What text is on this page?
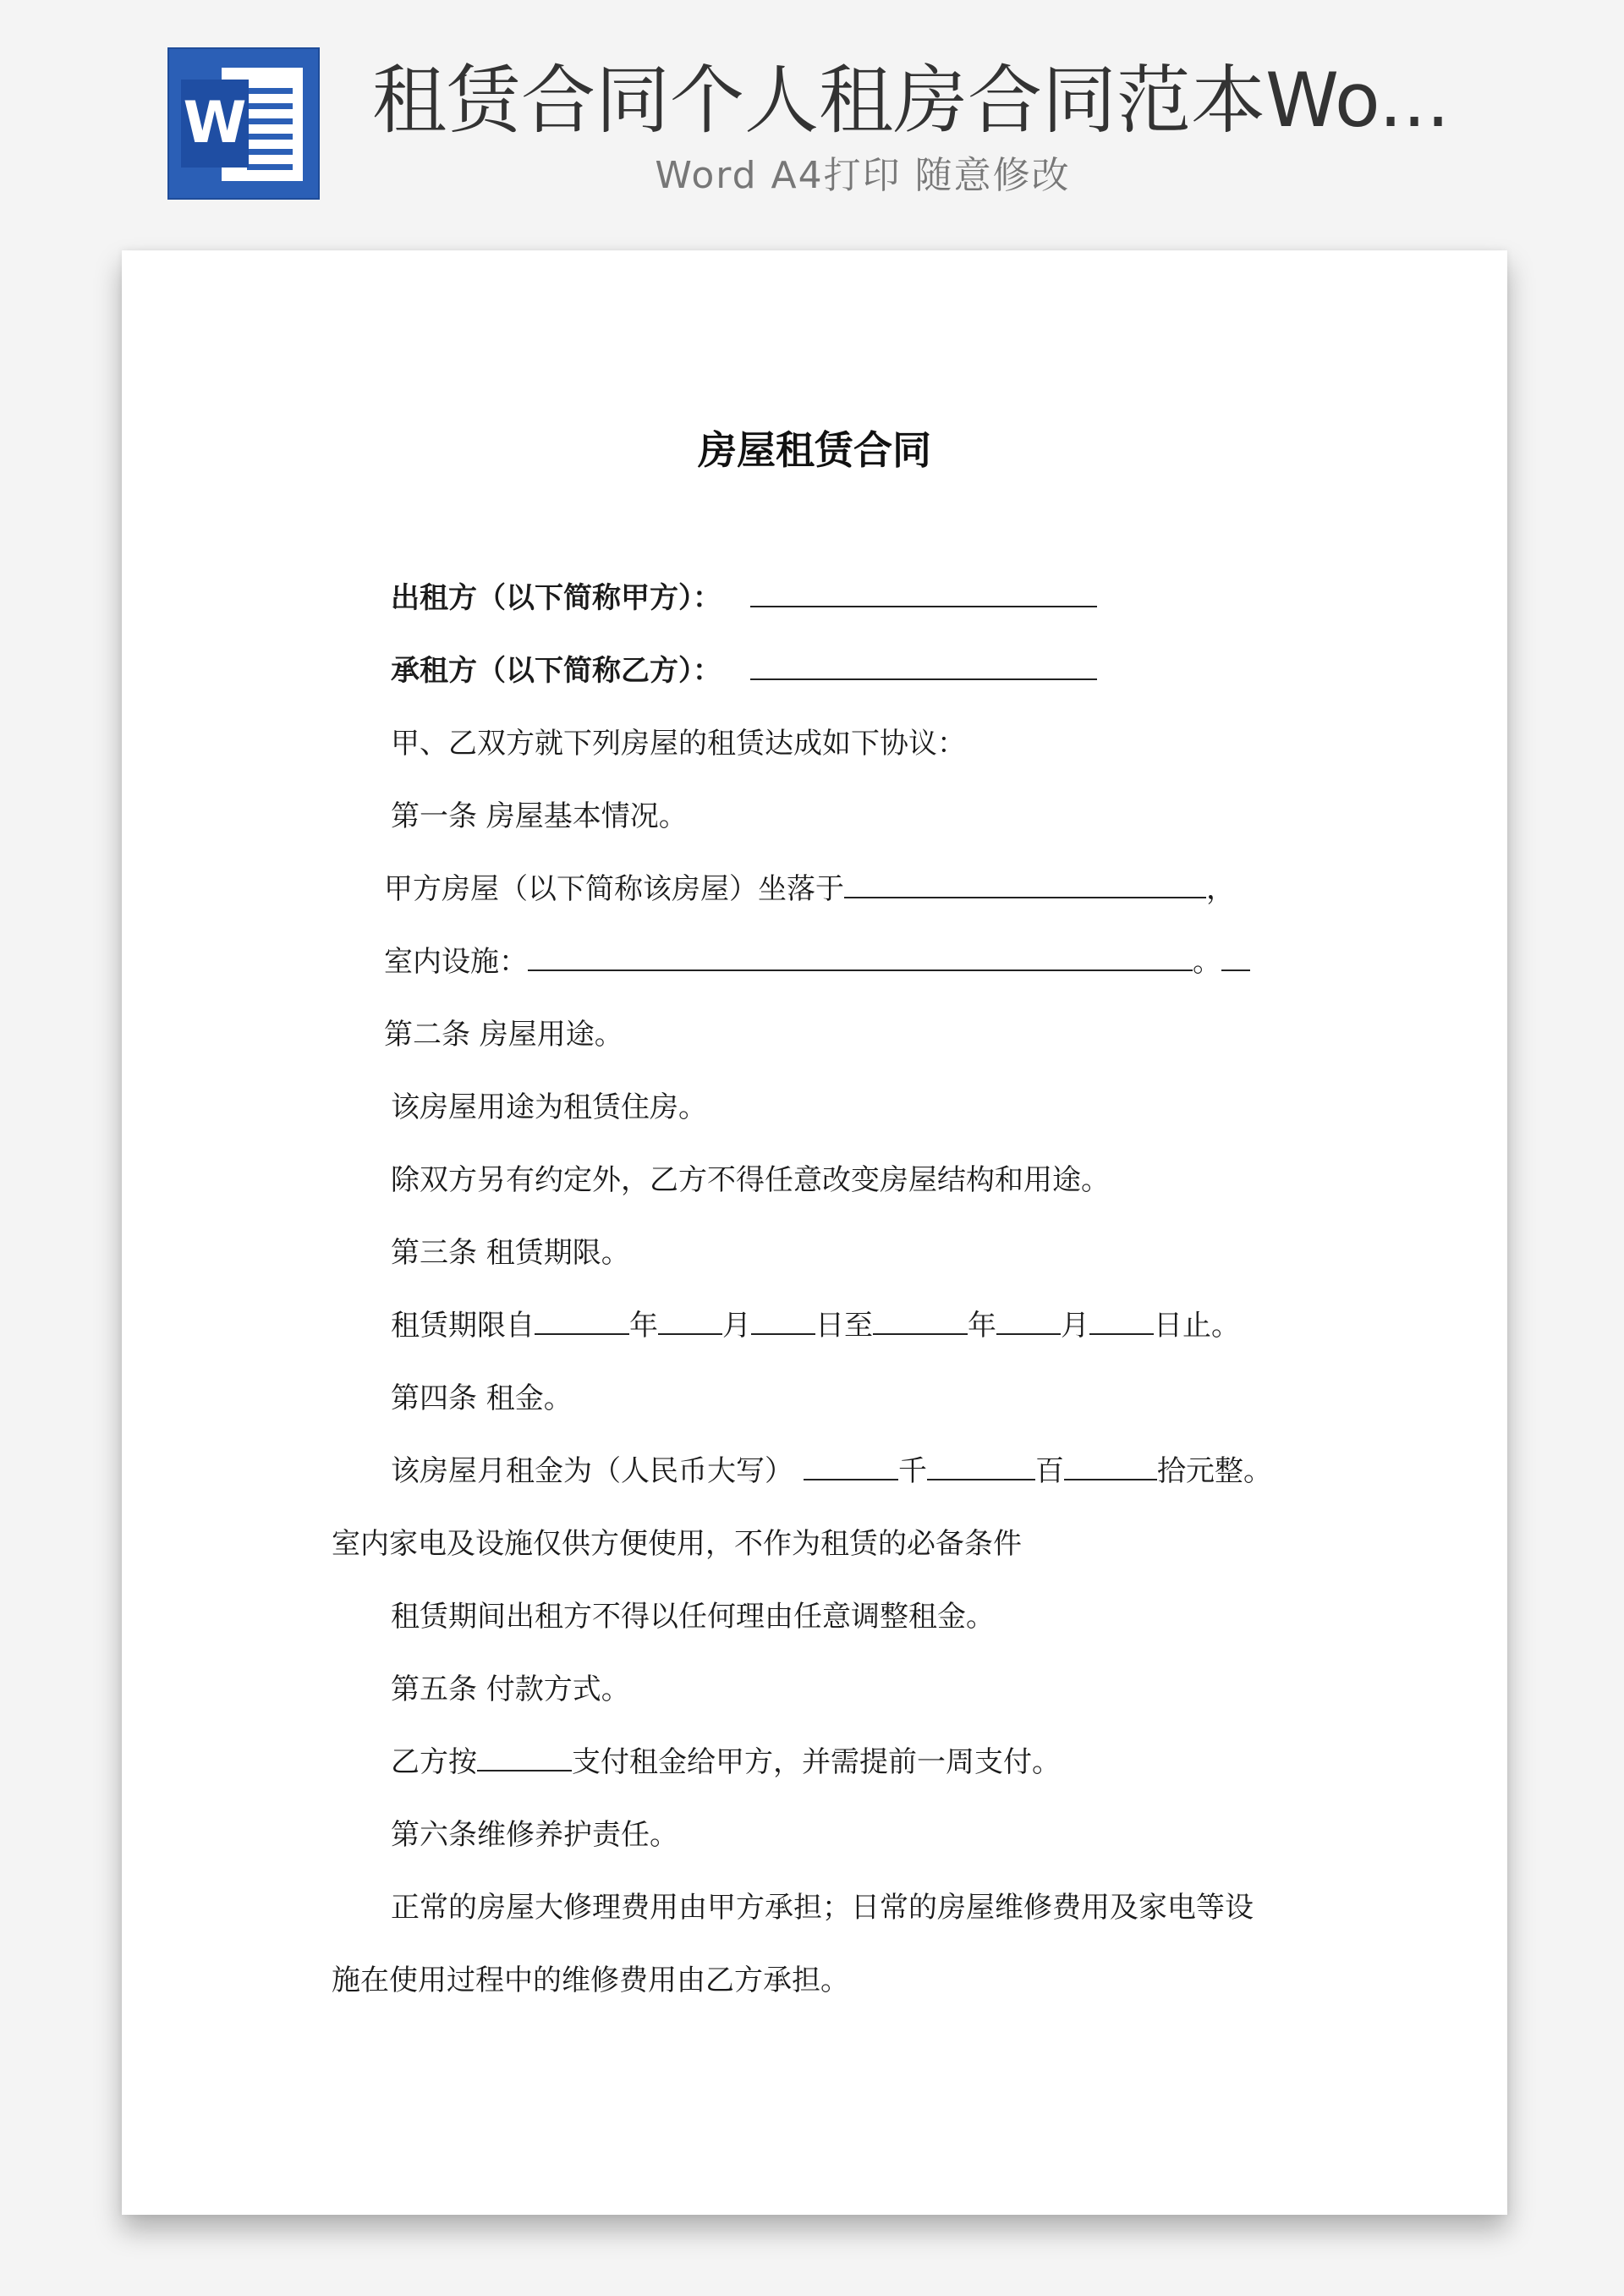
W 租赁合同个人租房合同范本Wo...
Word A4打印 随意修改
房屋租赁合同
出租方（以下简称甲方）：
承租方（以下简称乙方）：
甲、乙双方就下列房屋的租赁达成如下协议：
第一条 房屋基本情况。
甲方房屋（以下简称该房屋）坐落于	，
室内设施：	。
第二条 房屋用途。
该房屋用途为租赁住房。
除双方另有约定外，乙方不得任意改变房屋结构和用途。
第三条 租赁期限。
租赁期限自	年 月 日至	年 月 日止。
第四条 租金。
该房屋月租金为（人民币大写）	千	百	拾元整。
室内家电及设施仅供方便使用，不作为租赁的必备条件
租赁期间出租方不得以任何理由任意调整租金。
第五条 付款方式。
乙方按	支付租金给甲方，并需提前一周支付。
第六条维修养护责任。
正常的房屋大修理费用由甲方承担；日常的房屋维修费用及家电等设
施在使用过程中的维修费用由乙方承担。
